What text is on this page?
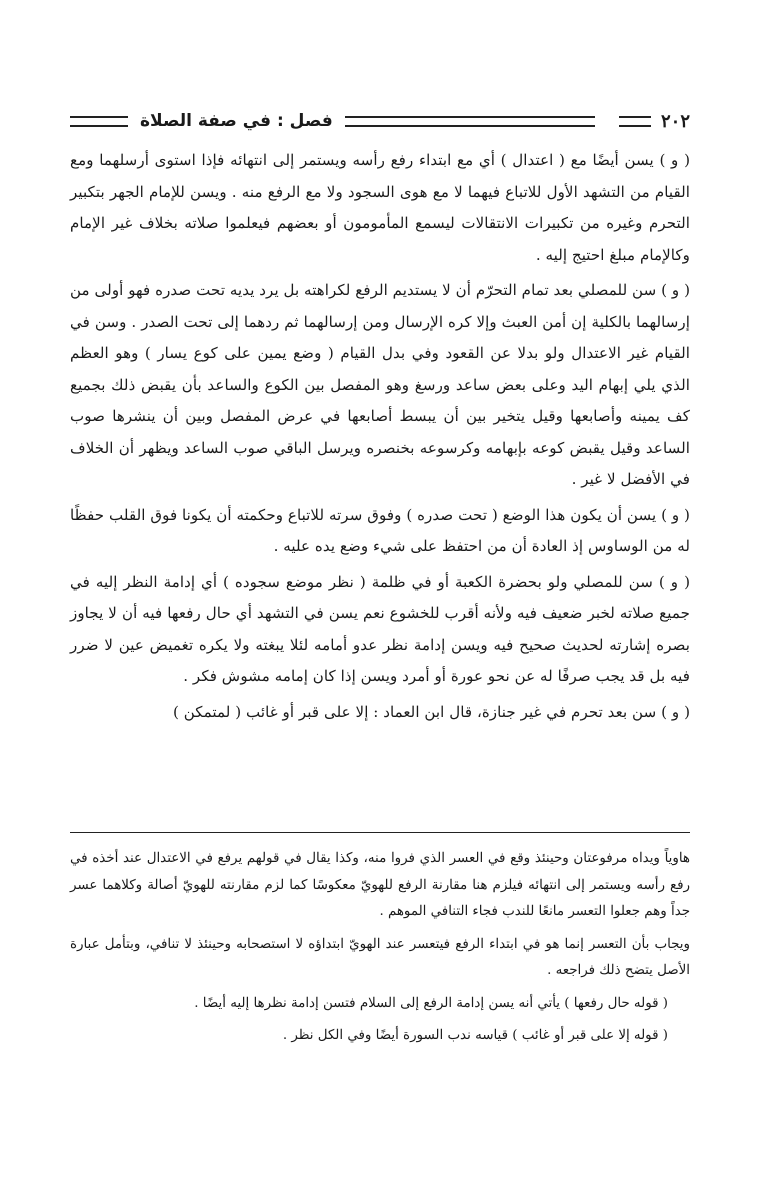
٢٠٢
فصل : في صفة الصلاة

( و ) يسن أيضًا مع ( اعتدال ) أي مع ابتداء رفع رأسه ويستمر إلى انتهائه فإذا استوى أرسلهما ومع القيام من التشهد الأول للاتباع فيهما لا مع هوى السجود ولا مع الرفع منه . ويسن للإمام الجهر بتكبير التحرم وغيره من تكبيرات الانتقالات ليسمع المأمومون أو بعضهم فيعلموا صلاته بخلاف غير الإمام وكالإمام مبلغ احتيج إليه .

( و ) سن للمصلي بعد تمام التحرّم أن لا يستديم الرفع لكراهته بل يرد يديه تحت صدره فهو أولى من إرسالهما بالكلية إن أمن العبث وإلا كره الإرسال ومن إرسالهما ثم ردهما إلى تحت الصدر . وسن في القيام غير الاعتدال ولو بدلا عن القعود وفي بدل القيام ( وضع يمين على كوع يسار ) وهو العظم الذي يلي إبهام اليد وعلى بعض ساعد ورسغ وهو المفصل بين الكوع والساعد بأن يقبض ذلك بجميع كف يمينه وأصابعها وقيل يتخير بين أن يبسط أصابعها في عرض المفصل وبين أن ينشرها صوب الساعد وقيل يقبض كوعه بإبهامه وكرسوعه بخنصره ويرسل الباقي صوب الساعد ويظهر أن الخلاف في الأفضل لا غير .

( و ) يسن أن يكون هذا الوضع ( تحت صدره ) وفوق سرته للاتباع وحكمته أن يكونا فوق القلب حفظًا له من الوساوس إذ العادة أن من احتفظ على شيء وضع يده عليه .

( و ) سن للمصلي ولو بحضرة الكعبة أو في ظلمة ( نظر موضع سجوده ) أي إدامة النظر إليه في جميع صلاته لخبر ضعيف فيه ولأنه أقرب للخشوع نعم يسن في التشهد أي حال رفعها فيه أن لا يجاوز بصره إشارته لحديث صحيح فيه ويسن إدامة نظر عدو أمامه لئلا يبغته ولا يكره تغميض عين لا ضرر فيه بل قد يجب صرفًا له عن نحو عورة أو أمرد ويسن إذا كان إمامه مشوش فكر .

( و ) سن بعد تحرم في غير جنازة، قال ابن العماد : إلا على قبر أو غائب ( لمتمكن )

هاوياً ويداه مرفوعتان وحينئذ وقع في العسر الذي فروا منه، وكذا يقال في قولهم يرفع في الاعتدال عند أخذه في رفع رأسه ويستمر إلى انتهائه فيلزم هنا مقارنة الرفع للهويّ معكوسًا كما لزم مقارنته للهويّ أصالة وكلاهما عسر جداً وهم جعلوا التعسر مانعًا للندب فجاء التنافي الموهم .

ويجاب بأن التعسر إنما هو في ابتداء الرفع فيتعسر عند الهويّ ابتداؤه لا استصحابه وحينئذ لا تنافي، وبتأمل عبارة الأصل يتضح ذلك فراجعه .

( قوله حال رفعها ) يأتي أنه يسن إدامة الرفع إلى السلام فتسن إدامة نظرها إليه أيضًا .

( قوله إلا على قبر أو غائب ) قياسه ندب السورة أيضًا وفي الكل نظر .
